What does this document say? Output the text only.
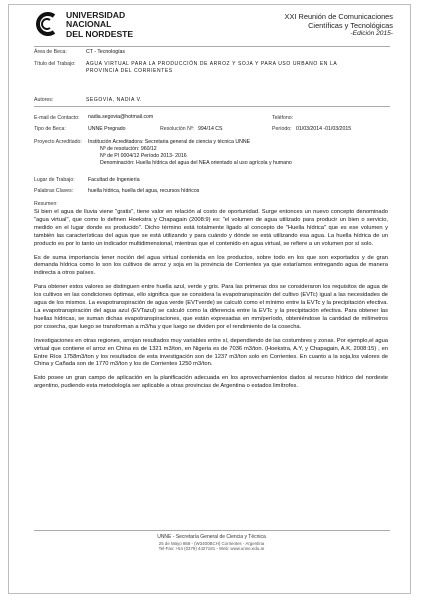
UNIVERSIDAD
NACIONAL
DEL NORDESTE
XXI Reunión de Comunicaciones
Científicas y Tecnológicas
-Edición 2015-
Área de Beca:	CT - Tecnologías
Título del Trabajo: AGUA VIRTUAL PARA LA PRODUCCIÓN DE ARROZ Y SOJA Y PARA USO URBANO EN LA
PROVINCIA DEL CORRIENTES
Autores:	SEGOVIA, NADIA V.
E-mail de Contacto: nadia.segovia@hotmail.com	Teléfono:
Tipo de Beca:	UNNE Pregrado	Resolución Nº: 994/14 CS	Período: 01/03/2014 -01/03/2015
Proyecto Acreditado: Institución Acreditadora: Secretaria general de ciencia y técnica UNNE
Nº de resolución: 960/12
Nº de PI 0004/12 Período 2013- 2016
Denominación: Huella hídrica del agua del NEA orientado al uso agrícola y humano
Lugar de Trabajo:	Facultad de Ingeniería
Palabras Claves:	huella hídrica, huella del agua, recursos hídricos
Resumen:

Si bien el agua de lluvia viene "gratis", tiene valor en relación al costo de oportunidad. Surge entonces un nuevo concepto denominado "agua virtual", que como lo definen Hoekstra y Chapagain (2008:9) es: "el volumen de agua utilizado para producir un bien o servicio, medido en el lugar donde es producido". Dicho término está totalmente ligado al concepto de "Huella hídrica" que es ese volumen y también las características del agua que se está utilizando y para cuándo y dónde se está utilizando esa agua. La huella hídrica de un producto es por lo tanto un indicador multidimensional, mientras que el contenido en agua virtual, se refiere a un volumen por sí solo.

Es de suma importancia tener noción del agua virtual contenida en los productos, sobre todo en los que son exportados y de gran demanda hídrica como lo son los cultivos de arroz y soja en la provincia de Corrientes ya que estaríamos entregando agua de manera indirecta a otros países.

Para obtener estos valores se distinguen entre huella azul, verde y gris. Para las primeras dos se consideraron los requisitos de agua de los cultivos en las condiciones óptimas, ello significa que se considera la evapotranspiración del cultivo (EVTc) igual a las necesidades de agua de los mismos. La evapotranspiración de agua verde (EVTverde) se calculó como el mínimo entre la EVTc y la precipitación efectiva. La evapotranspiración del agua azul (EVTazul) se calculó como la diferencia entre la EVTc y la precipitación efectiva. Para obtener las huellas hídricas, se suman dichas evapotranspiraciones, que están expresadas en mm/período, obteniéndose la cantidad de milímetros por cosecha, que luego se transforman a m3/ha y que luego se dividen por el rendimiento de la cosecha.

Investigaciones en otras regiones, arrojan resultados muy variables entre sí, dependiendo de las costumbres y zonas. Por ejemplo,el agua virtual que contiene el arroz en China es de 1321 m3/ton, en Nigeria es de 7036 m3/ton. (Hoekstra, A.Y, y Chapagain, A.K, 2008:15) , en Entre Ríos 1758m3/ton y los resultados de esta investigación son de 1237 m3/ton solo en Corrientes. En cuanto a la soja,los valores de China y Cañada son de 1770 m3/ton y los de Corrientes 1250 m3/ton.

Esto posee un gran campo de aplicación en la planificación adecuada en los aprovechamientos dados al recurso hídrico del nordeste argentino, pudiendo esta metodología ser aplicable a otras provincias de Argentina o estados limítrofes.

UNNE - Secretaría General de Ciencia y Técnica
25 de Mayo 868 - (W3400BCH) Corrientes - Argentina
Tel-Fax: +54 (0379) 4427181 - Web: www.unne.edu.ar
